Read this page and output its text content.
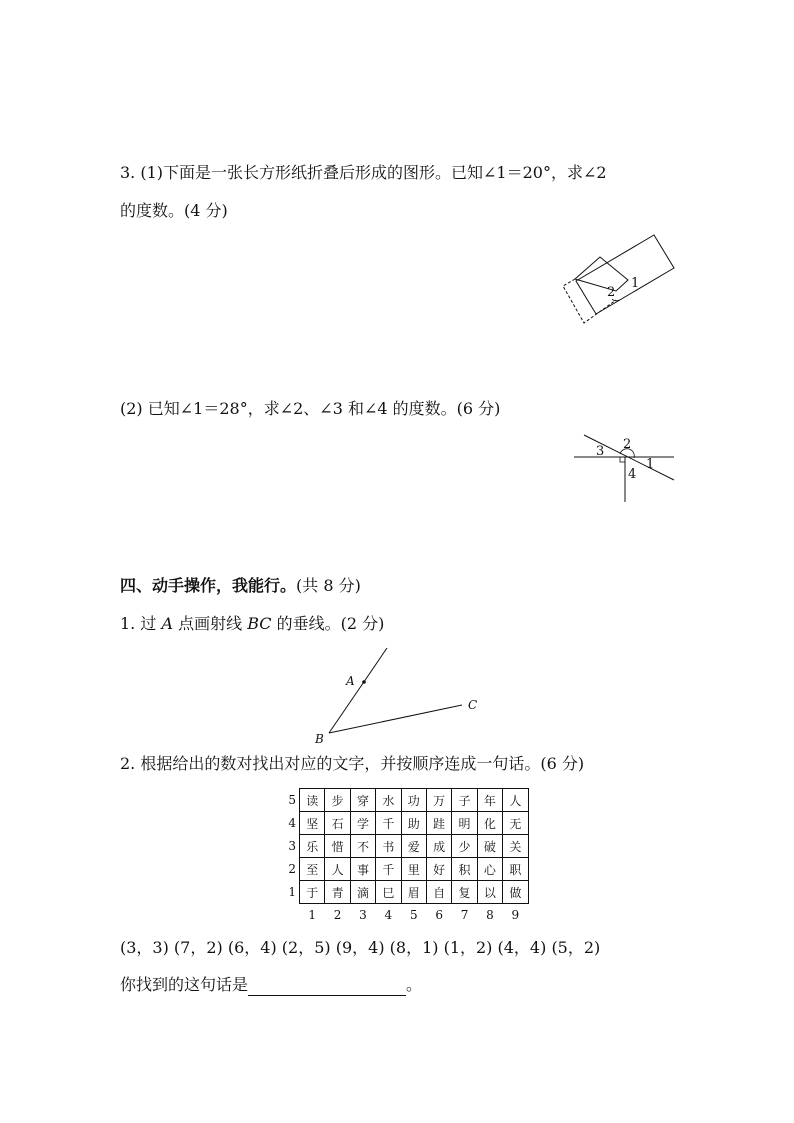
3. (1)下面是一张长方形纸折叠后形成的图形。已知∠1＝20°，求∠2
的度数。(4 分)
2
1
(2) 已知∠1＝28°，求∠2、∠3 和∠4 的度数。(6 分)
3 2
1
4
四、动手操作，我能行。(共 8 分)
1. 过 A 点画射线 BC 的垂线。(2 分)
A
B
C
2. 根据给出的数对找出对应的文字，并按顺序连成一句话。(6 分)
5	读	步	穿	水	功	万	子	年	人
4	坚	石	学	千	助	跬	明	化	无
3	乐	惜	不	书	爱	成	少	破	关
2	至	人	事	千	里	好	积	心	职
1	于	青	滴	巳	眉	自	复	以	做
	1	2	3	4	5	6	7	8	9
(3，3) (7，2) (6，4) (2，5) (9，4) (8，1) (1，2) (4，4) (5，2)
你找到的这句话是	。
